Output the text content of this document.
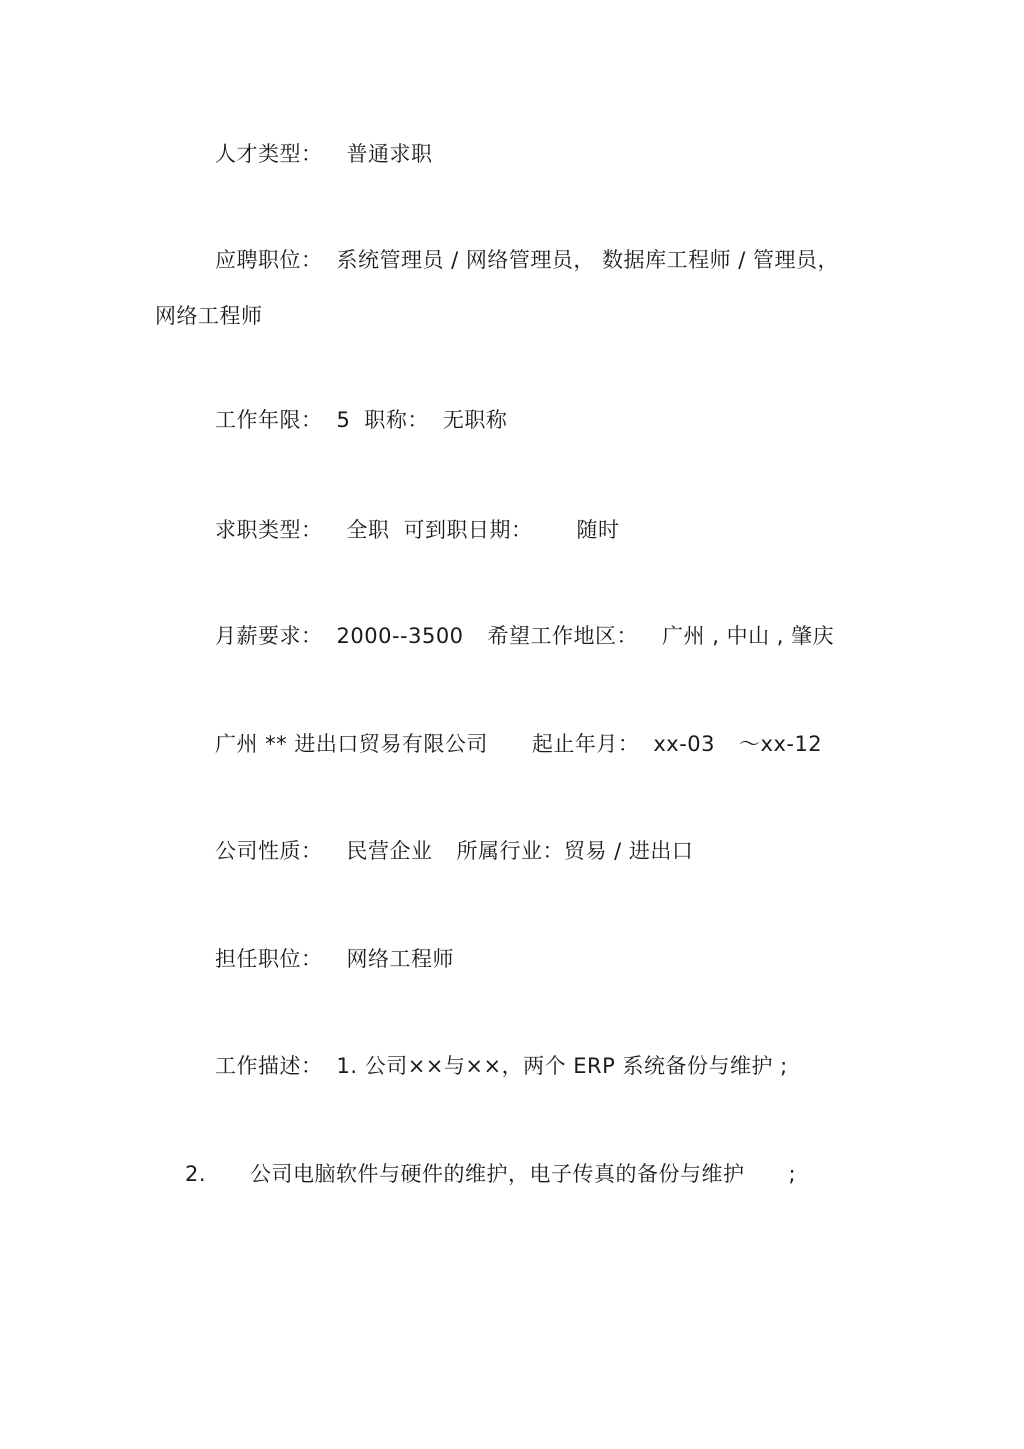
人才类型： 普通求职
应聘职位： 系统管理员 / 网络管理员， 数据库工程师 / 管理员，
网络工程师
工作年限： 5 职称： 无职称
求职类型： 全职 可到职日期： 随时
月薪要求： 2000--3500 希望工作地区： 广州 , 中山 , 肇庆
广州 ** 进出口贸易有限公司 起止年月： xx-03 ～xx-12
公司性质： 民营企业 所属行业：贸易 / 进出口
担任职位： 网络工程师
工作描述： 1. 公司××与××，两个 ERP 系统备份与维护 ;
2. 公司电脑软件与硬件的维护，电子传真的备份与维护 ;
